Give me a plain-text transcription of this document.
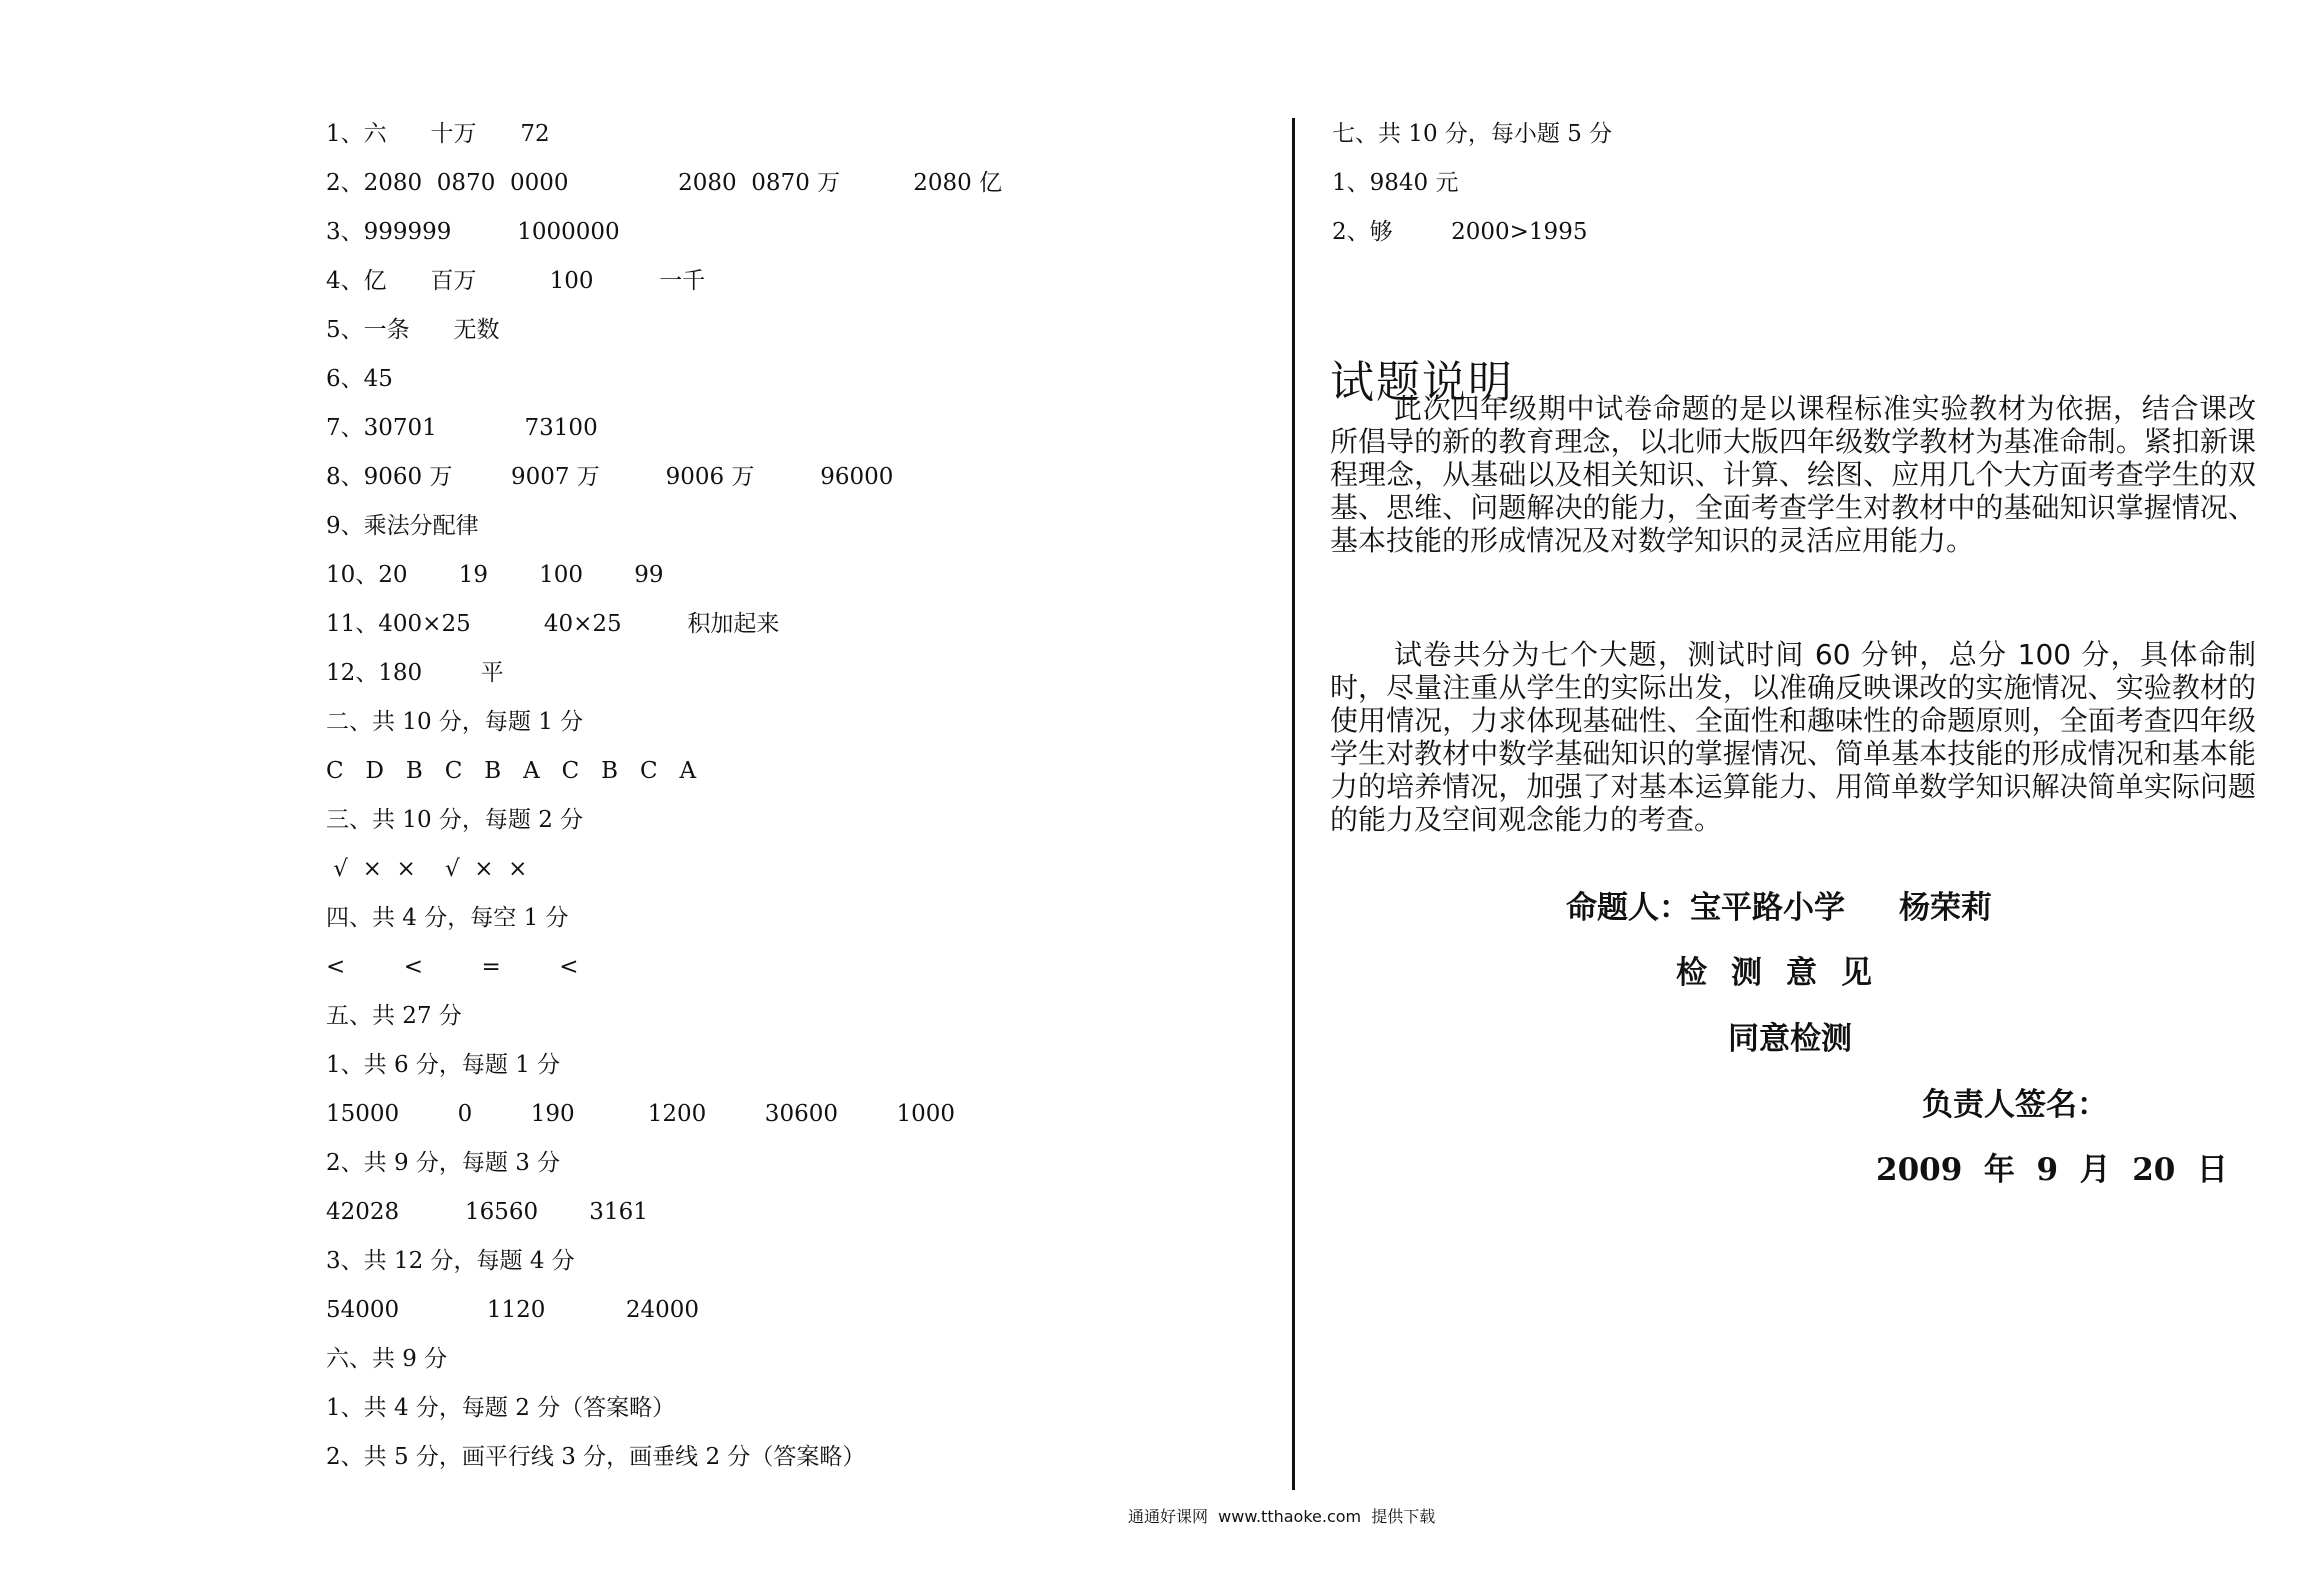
1、六      十万      72
2、2080  0870  0000               2080  0870 万          2080 亿
3、999999         1000000
4、亿      百万          100         一千
5、一条      无数
6、45
7、30701            73100
8、9060 万        9007 万         9006 万         96000
9、乘法分配律
10、20       19       100       99
11、400×25          40×25         积加起来
12、180        平
二、共 10 分，每题 1 分
C   D   B   C   B   A   C   B   C   A
三、共 10 分，每题 2 分
√  ×  ×    √  ×  ×
四、共 4 分，每空 1 分
<        <        =        <
五、共 27 分
1、共 6 分，每题 1 分
15000        0        190          1200        30600        1000
2、共 9 分，每题 3 分
42028         16560       3161
3、共 12 分，每题 4 分
54000            1120           24000
六、共 9 分
1、共 4 分，每题 2 分（答案略）
2、共 5 分，画平行线 3 分，画垂线 2 分（答案略）
七、共 10 分，每小题 5 分
1、9840 元
2、够        2000>1995
试题说明

此次四年级期中试卷命题的是以课程标准实验教材为依据，结合课改所倡导的新的教育理念，以北师大版四年级数学教材为基准命制。紧扣新课程理念，从基础以及相关知识、计算、绘图、应用几个大方面考查学生的双基、思维、问题解决的能力，全面考查学生对教材中的基础知识掌握情况、基本技能的形成情况及对数学知识的灵活应用能力。

试卷共分为七个大题，测试时间 60 分钟，总分 100 分，具体命制时，尽量注重从学生的实际出发，以准确反映课改的实施情况、实验教材的使用情况，力求体现基础性、全面性和趣味性的命题原则，全面考查四年级学生对教材中数学基础知识的掌握情况、简单基本技能的形成情况和基本能力的培养情况，加强了对基本运算能力、用简单数学知识解决简单实际问题的能力及空间观念能力的考查。

命题人：宝平路小学     杨荣莉
检测意见
同意检测
负责人签名：
2009  年  9  月  20  日
通通好课网  www.tthaoke.com  提供下载
